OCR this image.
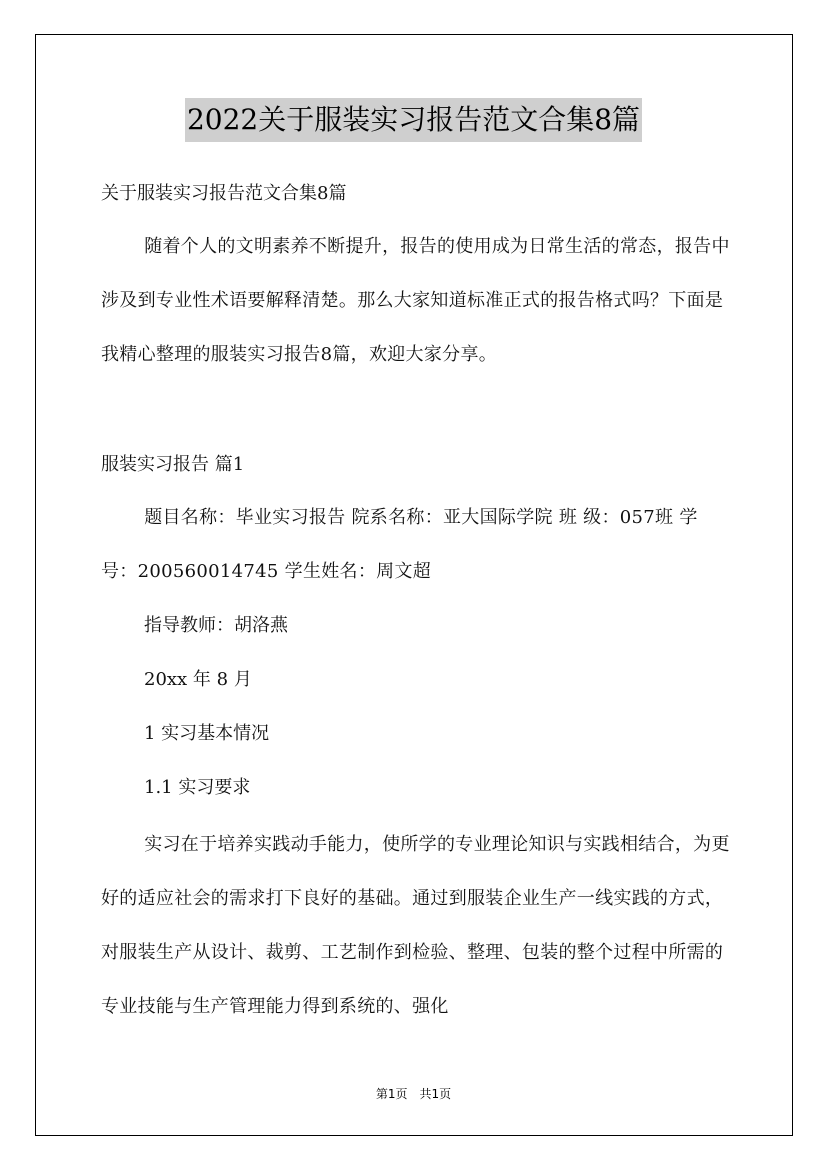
2022关于服装实习报告范文合集8篇
关于服装实习报告范文合集8篇
随着个人的文明素养不断提升，报告的使用成为日常生活的常态，报告中涉及到专业性术语要解释清楚。那么大家知道标准正式的报告格式吗？下面是我精心整理的服装实习报告8篇，欢迎大家分享。
服装实习报告 篇1
题目名称：毕业实习报告 院系名称：亚大国际学院 班 级：057班 学 号：200560014745 学生姓名：周文超
指导教师：胡洛燕
20xx 年 8 月
1 实习基本情况
1.1 实习要求
实习在于培养实践动手能力，使所学的专业理论知识与实践相结合，为更好的适应社会的需求打下良好的基础。通过到服装企业生产一线实践的方式，对服装生产从设计、裁剪、工艺制作到检验、整理、包装的整个过程中所需的专业技能与生产管理能力得到系统的、强化
第1页　共1页
